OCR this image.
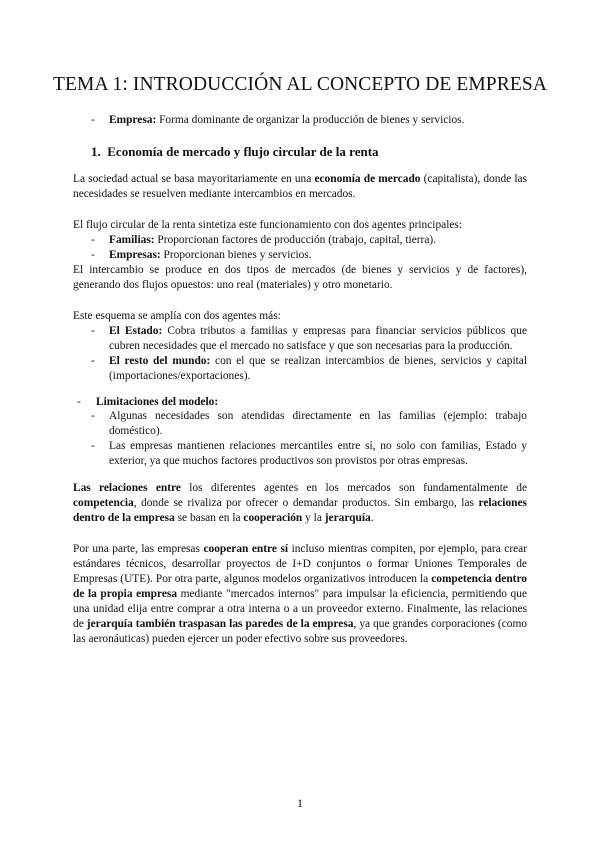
TEMA 1: INTRODUCCIÓN AL CONCEPTO DE EMPRESA
- Empresa: Forma dominante de organizar la producción de bienes y servicios.
1. Economía de mercado y flujo circular de la renta
La sociedad actual se basa mayoritariamente en una economía de mercado (capitalista), donde las necesidades se resuelven mediante intercambios en mercados.
El flujo circular de la renta sintetiza este funcionamiento con dos agentes principales:
- Familias: Proporcionan factores de producción (trabajo, capital, tierra).
- Empresas: Proporcionan bienes y servicios.
El intercambio se produce en dos tipos de mercados (de bienes y servicios y de factores), generando dos flujos opuestos: uno real (materiales) y otro monetario.
Este esquema se amplía con dos agentes más:
- El Estado: Cobra tributos a familias y empresas para financiar servicios públicos que cubren necesidades que el mercado no satisface y que son necesarias para la producción.
- El resto del mundo: con el que se realizan intercambios de bienes, servicios y capital (importaciones/exportaciones).
- Limitaciones del modelo:
- Algunas necesidades son atendidas directamente en las familias (ejemplo: trabajo doméstico).
- Las empresas mantienen relaciones mercantiles entre sí, no solo con familias, Estado y exterior, ya que muchos factores productivos son provistos por otras empresas.
Las relaciones entre los diferentes agentes en los mercados son fundamentalmente de competencia, donde se rivaliza por ofrecer o demandar productos. Sin embargo, las relaciones dentro de la empresa se basan en la cooperación y la jerarquía.
Por una parte, las empresas cooperan entre sí incluso mientras compiten, por ejemplo, para crear estándares técnicos, desarrollar proyectos de I+D conjuntos o formar Uniones Temporales de Empresas (UTE). Por otra parte, algunos modelos organizativos introducen la competencia dentro de la propia empresa mediante "mercados internos" para impulsar la eficiencia, permitiendo que una unidad elija entre comprar a otra interna o a un proveedor externo. Finalmente, las relaciones de jerarquía también traspasan las paredes de la empresa, ya que grandes corporaciones (como las aeronáuticas) pueden ejercer un poder efectivo sobre sus proveedores.
1
